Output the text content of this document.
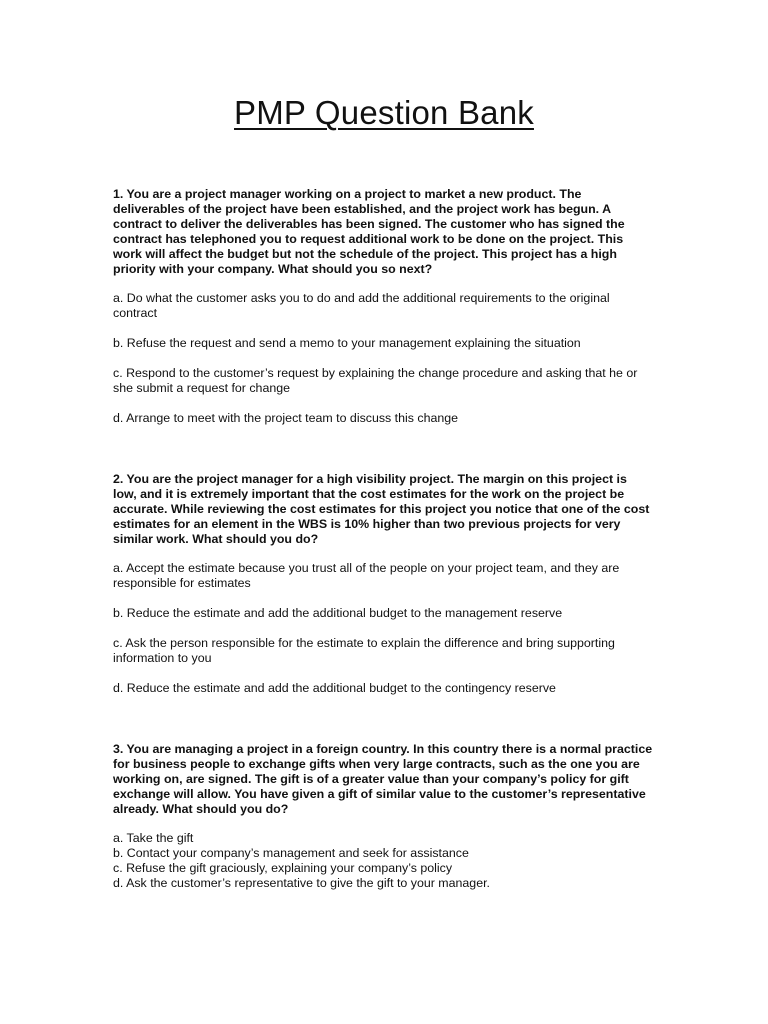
PMP Question Bank

1. You are a project manager working on a project to market a new product. The deliverables of the project have been established, and the project work has begun. A contract to deliver the deliverables has been signed. The customer who has signed the contract has telephoned you to request additional work to be done on the project. This work will affect the budget but not the schedule of the project. This project has a high priority with your company. What should you so next?

a. Do what the customer asks you to do and add the additional requirements to the original contract

b. Refuse the request and send a memo to your management explaining the situation

c. Respond to the customer’s request by explaining the change procedure and asking that he or she submit a request for change

d. Arrange to meet with the project team to discuss this change

2. You are the project manager for a high visibility project. The margin on this project is low, and it is extremely important that the cost estimates for the work on the project be accurate. While reviewing the cost estimates for this project you notice that one of the cost estimates for an element in the WBS is 10% higher than two previous projects for very similar work. What should you do?

a. Accept the estimate because you trust all of the people on your project team, and they are responsible for estimates

b. Reduce the estimate and add the additional budget to the management reserve

c. Ask the person responsible for the estimate to explain the difference and bring supporting information to you

d. Reduce the estimate and add the additional budget to the contingency reserve

3. You are managing a project in a foreign country. In this country there is a normal practice for business people to exchange gifts when very large contracts, such as the one you are working on, are signed. The gift is of a greater value than your company’s policy for gift exchange will allow. You have given a gift of similar value to the customer’s representative already. What should you do?

a. Take the gift

b. Contact your company’s management and seek for assistance

c. Refuse the gift graciously, explaining your company’s policy

d. Ask the customer’s representative to give the gift to your manager.
